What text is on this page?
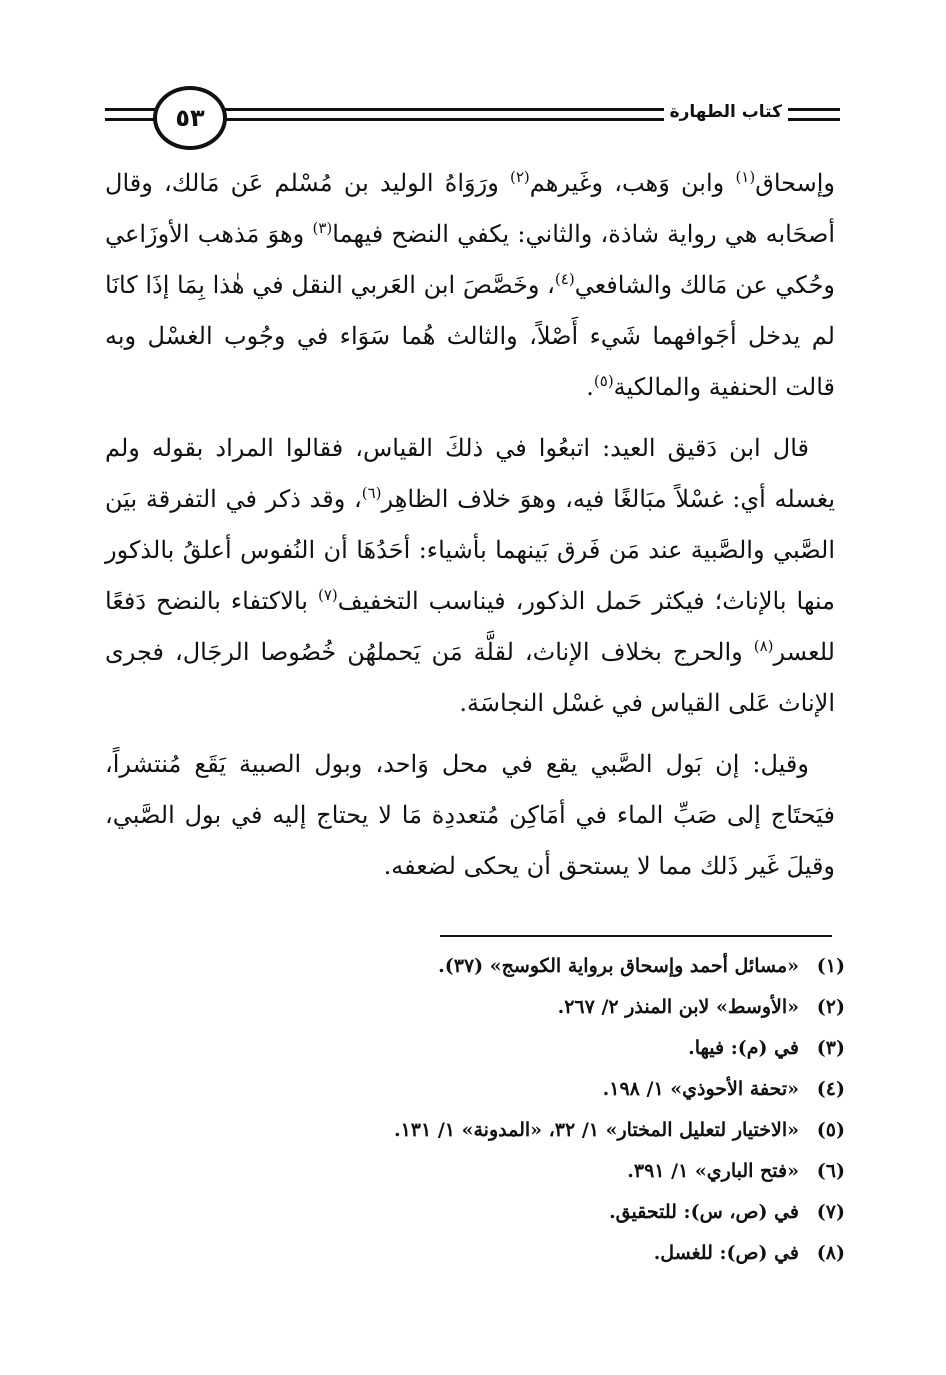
٥٣	كتاب الطهارة

وإسحاق$^{(١)}$ وابن وَهب، وغَيرهم$^{(٢)}$ ورَوَاهُ الوليد بن مُسْلم عَن مَالك، وقال أصحَابه هي رواية شاذة، والثاني: يكفي النضح فيهما$^{(٣)}$ وهوَ مَذهب الأوزَاعي وحُكي عن مَالك والشافعي$^{(٤)}$، وخَصَّصَ ابن العَربي النقل في هٰذا بِمَا إذَا كانَا لم يدخل أجَوافهما شَيء أَصْلاً، والثالث هُما سَوَاء في وجُوب الغسْل وبه قالت الحنفية والمالكية$^{(٥)}$.

قال ابن دَقيق العيد: اتبعُوا في ذلكَ القياس، فقالوا المراد بقوله ولم يغسله أي: غسْلاً مبَالغًا فيه، وهوَ خلاف الظاهِر$^{(٦)}$، وقد ذكر في التفرقة بيَن الصَّبي والصَّبية عند مَن فَرق بَينهما بأشياء: أحَدُهَا أن النُفوس أعلقُ بالذكور منها بالإناث؛ فيكثر حَمل الذكور، فيناسب التخفيف$^{(٧)}$ بالاكتفاء بالنضح دَفعًا للعسر$^{(٨)}$ والحرج بخلاف الإناث، لقلَّة مَن يَحملهُن خُصُوصا الرجَال، فجرى الإناث عَلى القياس في غسْل النجاسَة.

وقيل: إن بَول الصَّبي يقع في محل وَاحد، وبول الصبية يَقَع مُنتشراً، فيَحتَاج إلى صَبِّ الماء في أمَاكِن مُتعددِة مَا لا يحتاج إليه في بول الصَّبي، وقيلَ غَير ذَلك مما لا يستحق أن يحكى لضعفه.

(١)«مسائل أحمد وإسحاق برواية الكوسج» (٣٧).
(٢)«الأوسط» لابن المنذر ٢/ ٢٦٧.
(٣)في (م): فيها.
(٤)«تحفة الأحوذي» ١/ ١٩٨.
(٥)«الاختيار لتعليل المختار» ١/ ٣٢، «المدونة» ١/ ١٣١.
(٦)«فتح الباري» ١/ ٣٩١.
(٧)في (ص، س): للتحقيق.
(٨)في (ص): للغسل.
